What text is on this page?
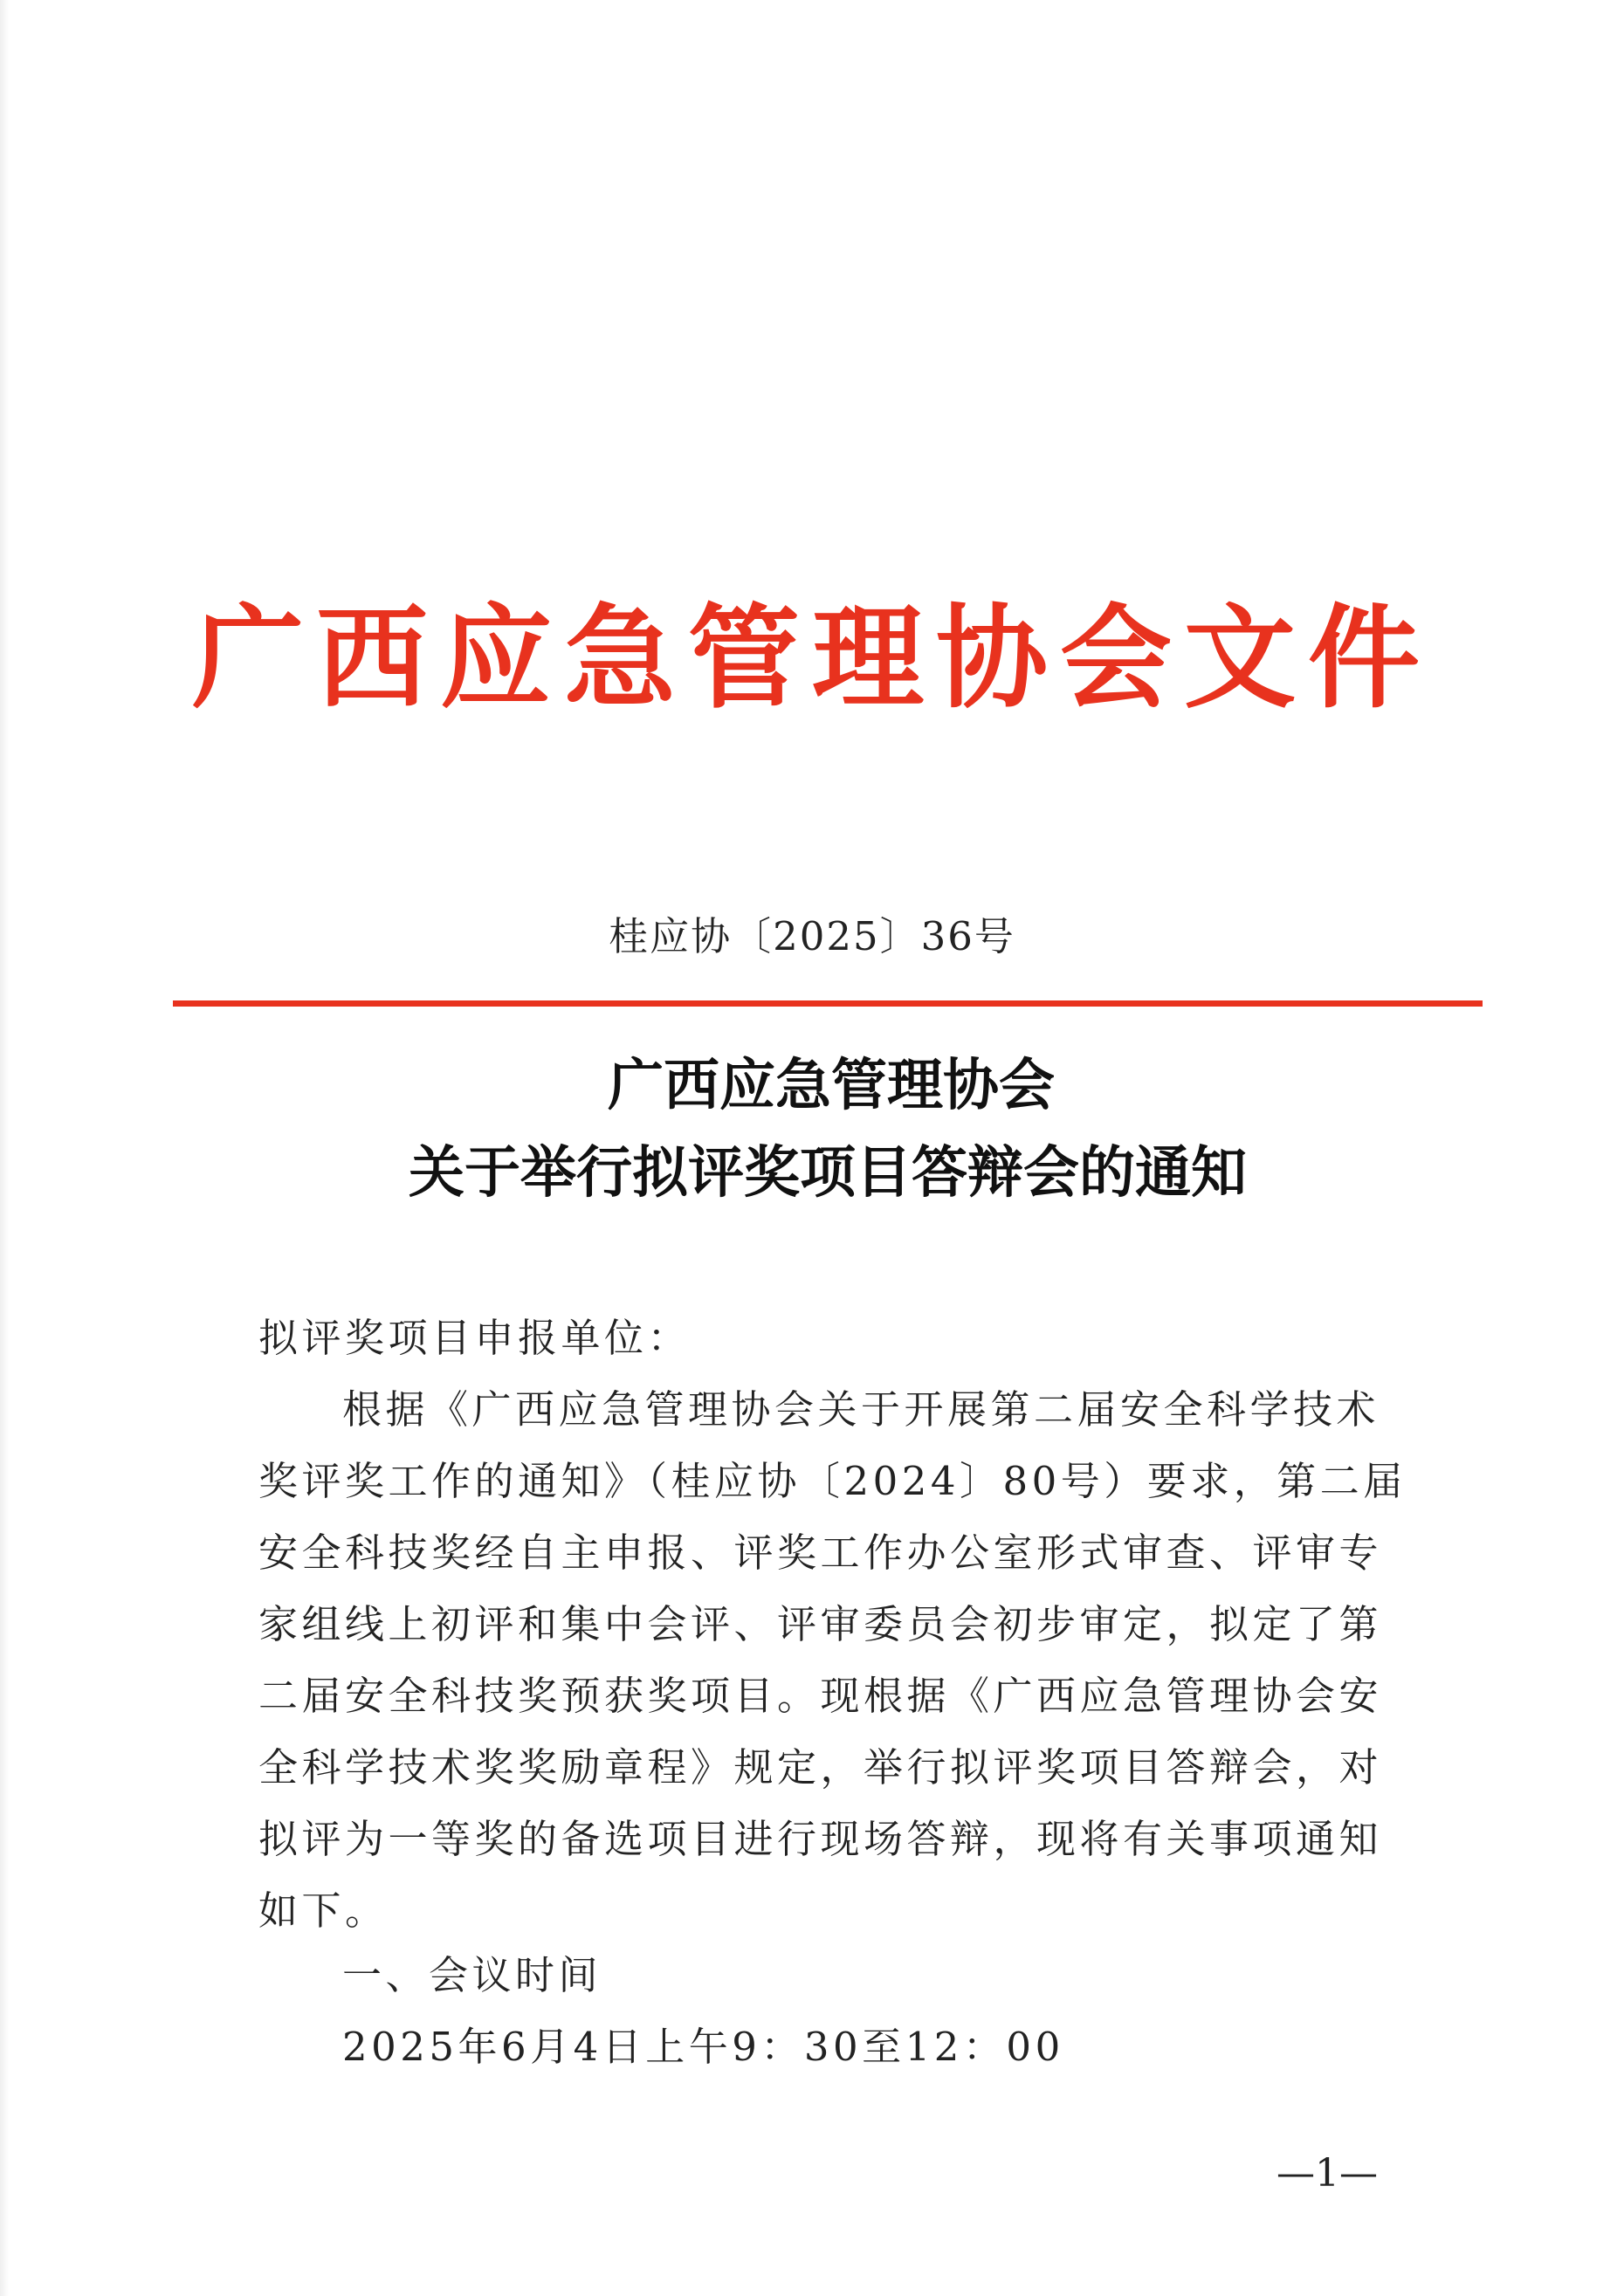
广西应急管理协会文件
桂应协〔2025〕36号
广西应急管理协会
关于举行拟评奖项目答辩会的通知
拟评奖项目申报单位：
根据《广西应急管理协会关于开展第二届安全科学技术
奖评奖工作的通知》（桂应协〔2024〕80号）要求，第二届
安全科技奖经自主申报、评奖工作办公室形式审查、评审专
家组线上初评和集中会评、评审委员会初步审定，拟定了第
二届安全科技奖预获奖项目。现根据《广西应急管理协会安
全科学技术奖奖励章程》规定，举行拟评奖项目答辩会，对
拟评为一等奖的备选项目进行现场答辩，现将有关事项通知
如下。
一、会议时间
2025年6月4日上午9：30至12：00
—1—
